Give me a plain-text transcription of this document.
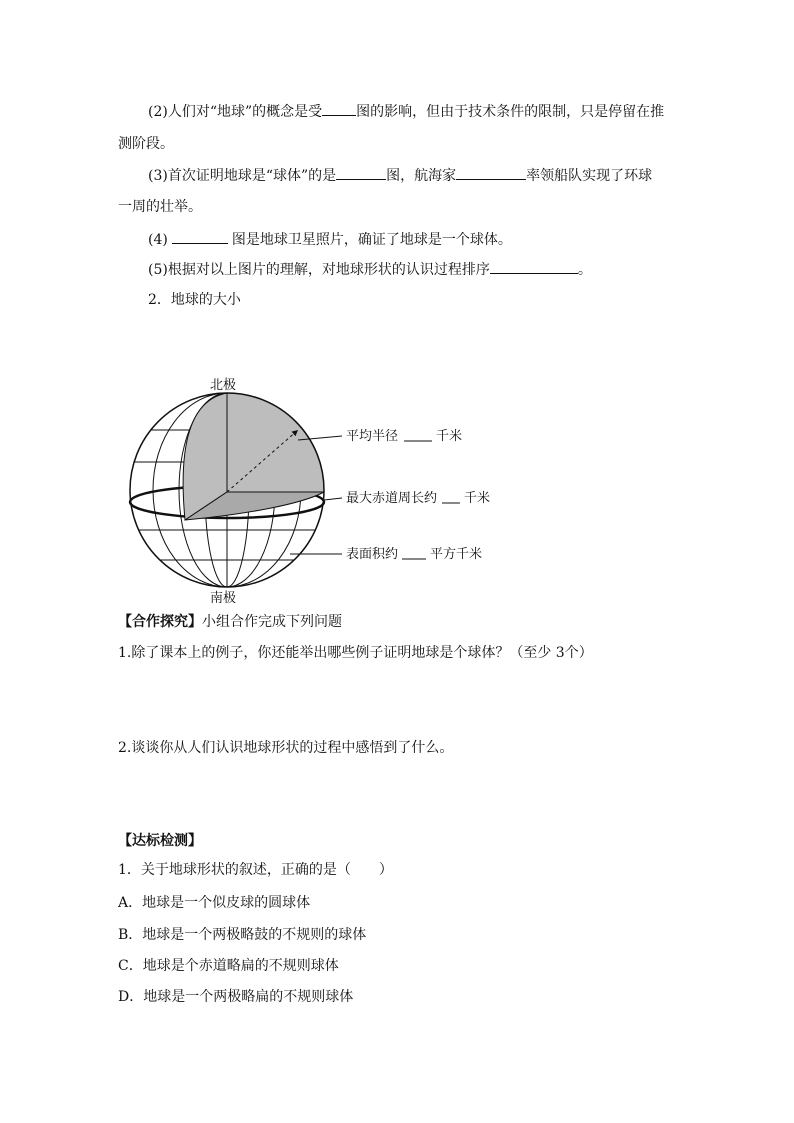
(2)人们对“地球”的概念是受 图的影响，但由于技术条件的限制，只是停留在推
测阶段。
(3)首次证明地球是“球体”的是	图，航海家	率领船队实现了环球
一周的壮举。
(4)	图是地球卫星照片，确证了地球是一个球体。
(5)根据对以上图片的理解，对地球形状的认识过程排序	。
2．地球的大小
北极
南极
平均半径	千米
最大赤道周长约 千米
表面积约 平方千米
【合作探究】小组合作完成下列问题
1.除了课本上的例子，你还能举出哪些例子证明地球是个球体？（至少 3个）
2.谈谈你从人们认识地球形状的过程中感悟到了什么。
【达标检测】
1．关于地球形状的叙述，正确的是（　　）
A．地球是一个似皮球的圆球体
B．地球是一个两极略鼓的不规则的球体
C．地球是个赤道略扁的不规则球体
D．地球是一个两极略扁的不规则球体
